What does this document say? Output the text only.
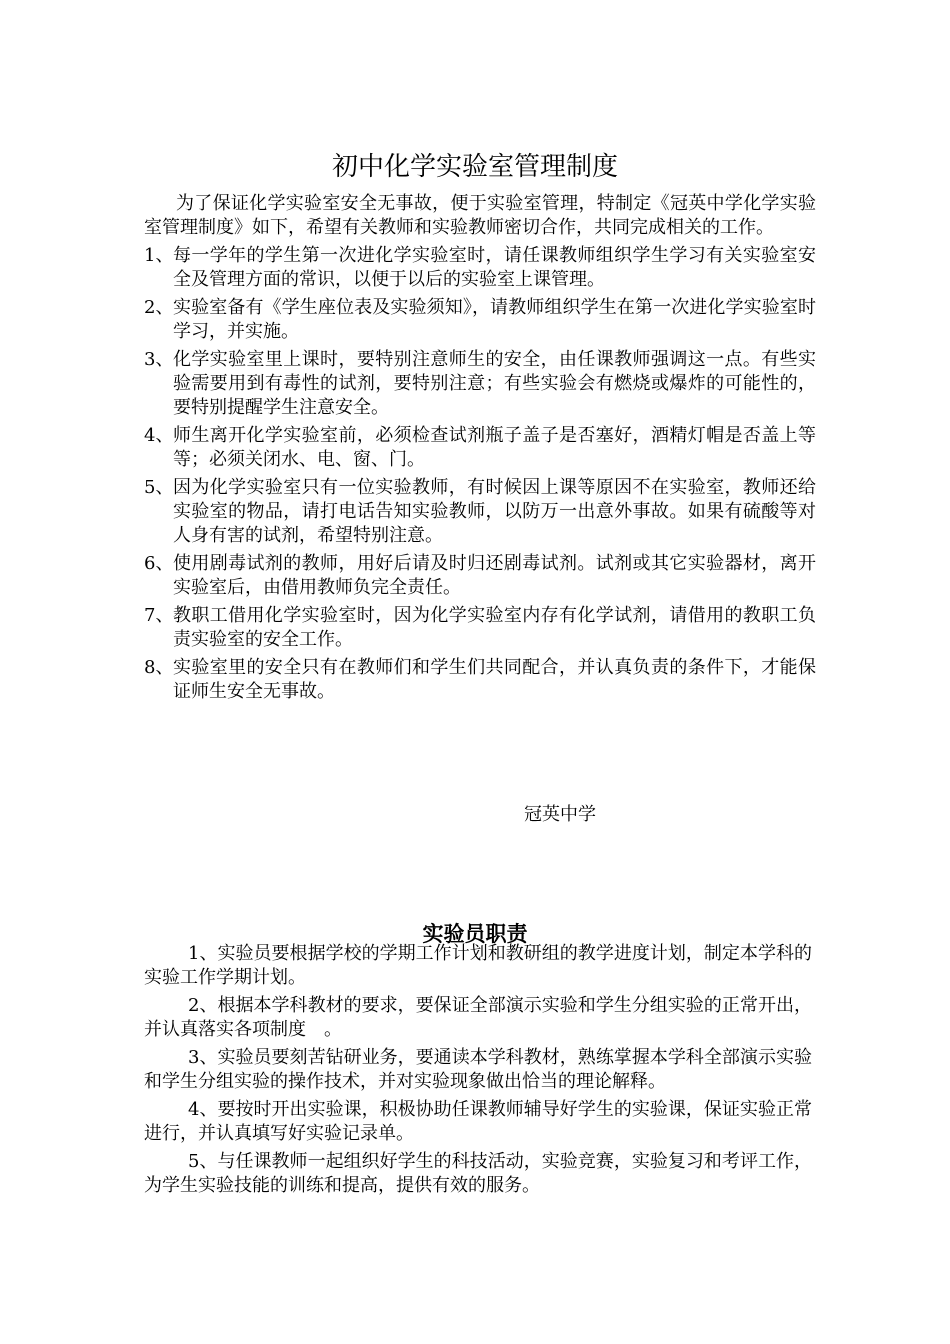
初中化学实验室管理制度

为了保证化学实验室安全无事故，便于实验室管理，特制定《冠英中学化学实验室管理制度》如下，希望有关教师和实验教师密切合作，共同完成相关的工作。

1、 每一学年的学生第一次进化学实验室时，请任课教师组织学生学习有关实验室安全及管理方面的常识，以便于以后的实验室上课管理。

2、 实验室备有《学生座位表及实验须知》，请教师组织学生在第一次进化学实验室时学习，并实施。

3、 化学实验室里上课时，要特别注意师生的安全，由任课教师强调这一点。有些实验需要用到有毒性的试剂，要特别注意；有些实验会有燃烧或爆炸的可能性的，要特别提醒学生注意安全。

4、 师生离开化学实验室前，必须检查试剂瓶子盖子是否塞好，酒精灯帽是否盖上等等；必须关闭水、电、窗、门。

5、 因为化学实验室只有一位实验教师，有时候因上课等原因不在实验室，教师还给实验室的物品，请打电话告知实验教师，以防万一出意外事故。如果有硫酸等对人身有害的试剂，希望特别注意。

6、 使用剧毒试剂的教师，用好后请及时归还剧毒试剂。试剂或其它实验器材，离开实验室后，由借用教师负完全责任。

7、 教职工借用化学实验室时，因为化学实验室内存有化学试剂，请借用的教职工负责实验室的安全工作。

8、 实验室里的安全只有在教师们和学生们共同配合，并认真负责的条件下，才能保证师生安全无事故。

冠英中学
实验员职责

1、实验员要根据学校的学期工作计划和教研组的教学进度计划，制定本学科的实验工作学期计划。

2、根据本学科教材的要求，要保证全部演示实验和学生分组实验的正常开出，并认真落实各项制度　。

3、实验员要刻苦钻研业务，要通读本学科教材，熟练掌握本学科全部演示实验和学生分组实验的操作技术，并对实验现象做出恰当的理论解释。

4、要按时开出实验课，积极协助任课教师辅导好学生的实验课，保证实验正常进行，并认真填写好实验记录单。

5、与任课教师一起组织好学生的科技活动，实验竞赛，实验复习和考评工作，为学生实验技能的训练和提高，提供有效的服务。
